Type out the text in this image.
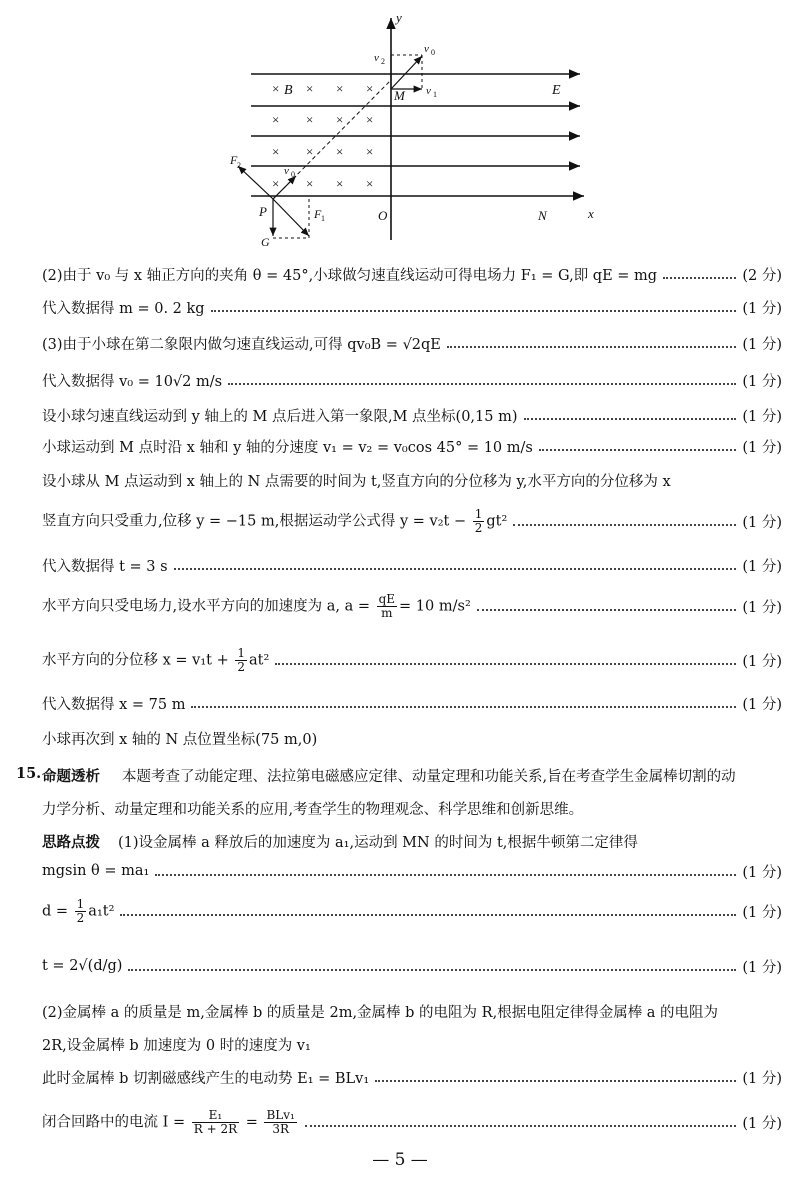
y
x
× × × ×
× × × ×
× × × ×
× × × ×
B	E
M
O	N
P
v 0
F 2
F 1
G
v 0
v 1
v 2
(2)由于 v₀ 与 x 轴正方向的夹角 θ = 45°,小球做匀速直线运动可得电场力 F₁ = G,即 qE = mg	(2 分)
代入数据得 m = 0. 2 kg	(1 分)
(3)由于小球在第二象限内做匀速直线运动,可得 qv₀B = √2qE	(1 分)
代入数据得 v₀ = 10√2 m/s	(1 分)
设小球匀速直线运动到 y 轴上的 M 点后进入第一象限,M 点坐标(0,15 m)	(1 分)
小球运动到 M 点时沿 x 轴和 y 轴的分速度 v₁ = v₂ = v₀cos 45° = 10 m/s	(1 分)
设小球从 M 点运动到 x 轴上的 N 点需要的时间为 t,竖直方向的分位移为 y,水平方向的分位移为 x
竖直方向只受重力,位移 y = −15 m,根据运动学公式得 $y = v_2t - \frac{1}{2} gt^2$	(1 分)
代入数据得 t = 3 s	(1 分)
水平方向只受电场力,设水平方向的加速度为 a, $a = \frac{qE}{m} = 10$ m/s²	(1 分)
水平方向的分位移 $x = v_1t + \frac{1}{2} at^2$	(1 分)
代入数据得 x = 75 m	(1 分)
小球再次到 x 轴的 N 点位置坐标(75 m,0)
15. 命题透析 本题考查了动能定理、法拉第电磁感应定律、动量定理和功能关系,旨在考查学生金属棒切割的动
力学分析、动量定理和功能关系的应用,考查学生的物理观念、科学思维和创新思维。
思路点拨 (1)设金属棒 a 释放后的加速度为 a₁,运动到 MN 的时间为 t,根据牛顿第二定律得
mgsin θ = ma₁	(1 分)
$d = \frac{1}{2} a_1t^2$	(1 分)
t = 2√(d/g)	(1 分)
(2)金属棒 a 的质量是 m,金属棒 b 的质量是 2m,金属棒 b 的电阻为 R,根据电阻定律得金属棒 a 的电阻为
2R,设金属棒 b 加速度为 0 时的速度为 v₁
此时金属棒 b 切割磁感线产生的电动势 E₁ = BLv₁	(1 分)
闭合回路中的电流 $I = \frac{\text{E₁}}{R + 2R} = \frac{\text{BLv₁}}{3R}$	(1 分)
— 5 —
